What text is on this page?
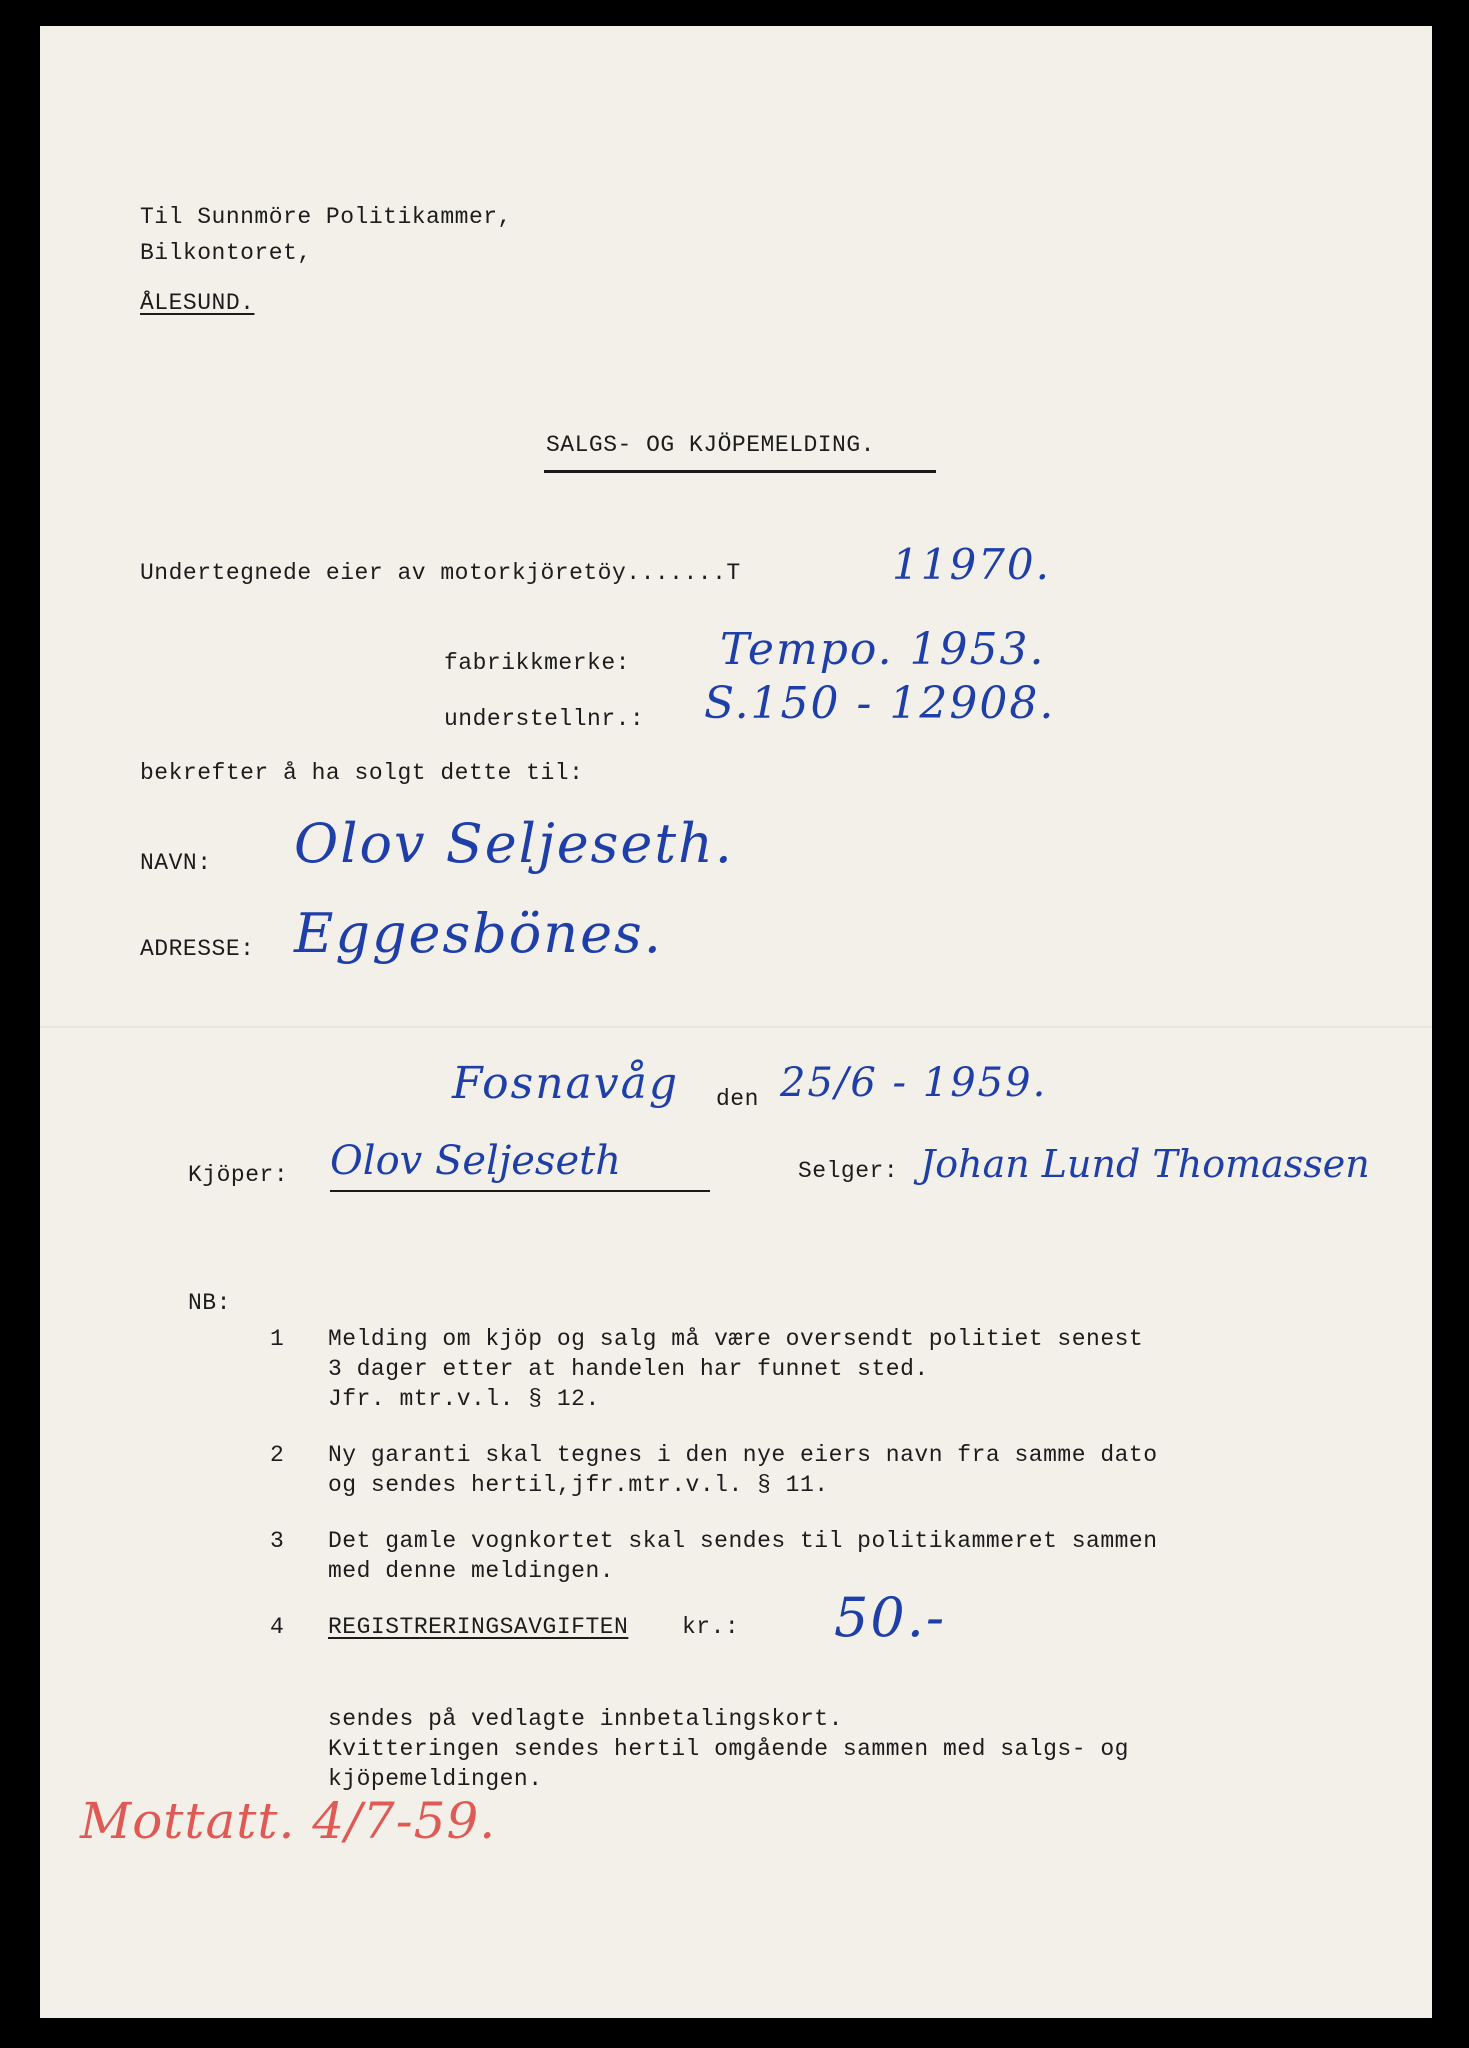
Til Sunnmöre Politikammer,
Bilkontoret,
ÅLESUND.
SALGS- OG KJÖPEMELDING.
Undertegnede eier av motorkjöretöy.......T	11970.
fabrikkmerke: Tempo. 1953.
understellnr.: S.150 - 12908.
bekrefter å ha solgt dette til:
NAVN: Olov Seljeseth.
ADRESSE: Eggesbönes.
Fosnavåg den 25/6 - 1959.
Kjöper: Olov Seljeseth	Selger: Johan Lund Thomassen
NB:
1 Melding om kjöp og salg må være oversendt politiet senest
3 dager etter at handelen har funnet sted.
Jfr. mtr.v.l. § 12.
2 Ny garanti skal tegnes i den nye eiers navn fra samme dato
og sendes hertil,jfr.mtr.v.l. § 11.
3 Det gamle vognkortet skal sendes til politikammeret sammen
med denne meldingen.
4 REGISTRERINGSAVGIFTEN kr.: 50.-
sendes på vedlagte innbetalingskort.
Kvitteringen sendes hertil omgående sammen med salgs- og
kjöpemeldingen.
Mottatt. 4/7-59.
